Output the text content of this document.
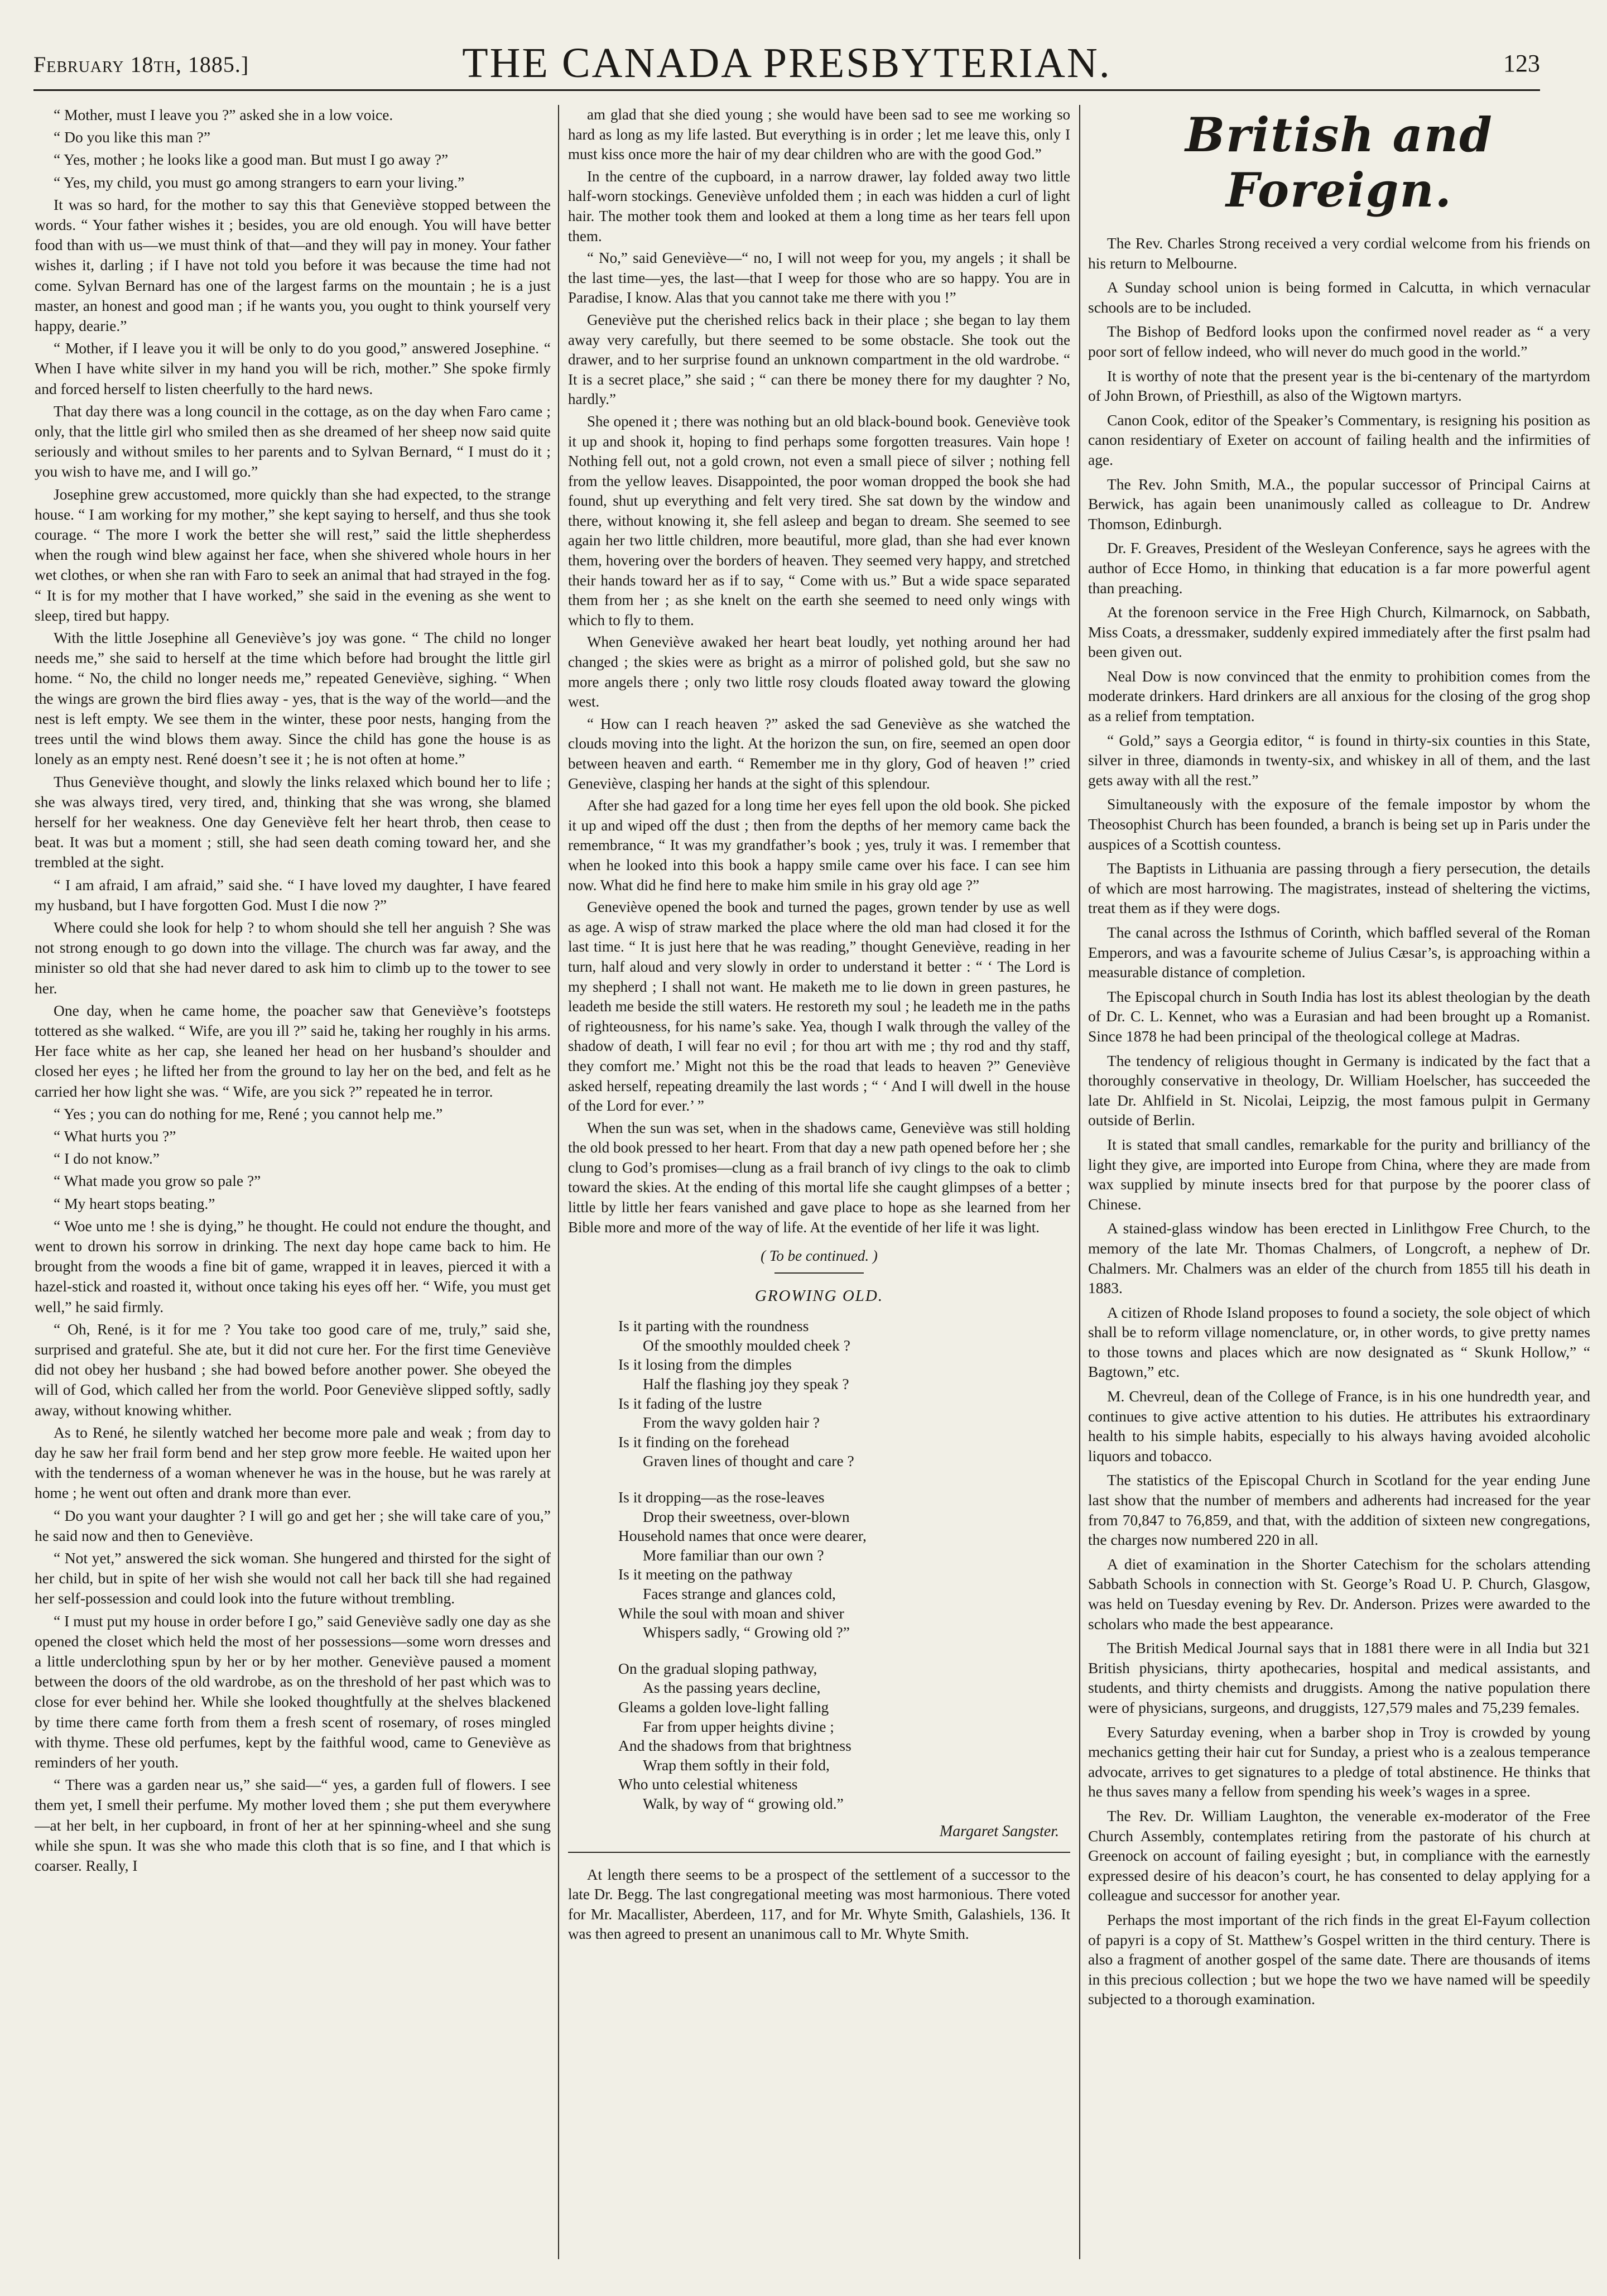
February 18th, 1885.]	THE CANADA PRESBYTERIAN.	123

“ Mother, must I leave you ?” asked she in a low voice.

“ Do you like this man ?”

“ Yes, mother ; he looks like a good man. But must I go away ?”

“ Yes, my child, you must go among strangers to earn your living.”

It was so hard, for the mother to say this that Geneviève stopped between the words. “ Your father wishes it ; besides, you are old enough. You will have better food than with us—we must think of that—and they will pay in money. Your father wishes it, darling ; if I have not told you before it was because the time had not come. Sylvan Bernard has one of the largest farms on the mountain ; he is a just master, an honest and good man ; if he wants you, you ought to think yourself very happy, dearie.”

“ Mother, if I leave you it will be only to do you good,” answered Josephine. “ When I have white silver in my hand you will be rich, mother.” She spoke firmly and forced herself to listen cheerfully to the hard news.

That day there was a long council in the cottage, as on the day when Faro came ; only, that the little girl who smiled then as she dreamed of her sheep now said quite seriously and without smiles to her parents and to Sylvan Bernard, “ I must do it ; you wish to have me, and I will go.”

Josephine grew accustomed, more quickly than she had expected, to the strange house. “ I am working for my mother,” she kept saying to herself, and thus she took courage. “ The more I work the better she will rest,” said the little shepherdess when the rough wind blew against her face, when she shivered whole hours in her wet clothes, or when she ran with Faro to seek an animal that had strayed in the fog. “ It is for my mother that I have worked,” she said in the evening as she went to sleep, tired but happy.

With the little Josephine all Geneviève’s joy was gone. “ The child no longer needs me,” she said to herself at the time which before had brought the little girl home. “ No, the child no longer needs me,” repeated Geneviève, sighing. “ When the wings are grown the bird flies away - yes, that is the way of the world—and the nest is left empty. We see them in the winter, these poor nests, hanging from the trees until the wind blows them away. Since the child has gone the house is as lonely as an empty nest. René doesn’t see it ; he is not often at home.”

Thus Geneviève thought, and slowly the links relaxed which bound her to life ; she was always tired, very tired, and, thinking that she was wrong, she blamed herself for her weakness. One day Geneviève felt her heart throb, then cease to beat. It was but a moment ; still, she had seen death coming toward her, and she trembled at the sight.

“ I am afraid, I am afraid,” said she. “ I have loved my daughter, I have feared my husband, but I have forgotten God. Must I die now ?”

Where could she look for help ? to whom should she tell her anguish ? She was not strong enough to go down into the village. The church was far away, and the minister so old that she had never dared to ask him to climb up to the tower to see her.

One day, when he came home, the poacher saw that Geneviève’s footsteps tottered as she walked. “ Wife, are you ill ?” said he, taking her roughly in his arms. Her face white as her cap, she leaned her head on her husband’s shoulder and closed her eyes ; he lifted her from the ground to lay her on the bed, and felt as he carried her how light she was. “ Wife, are you sick ?” repeated he in terror.

“ Yes ; you can do nothing for me, René ; you cannot help me.”

“ What hurts you ?”

“ I do not know.”

“ What made you grow so pale ?”

“ My heart stops beating.”

“ Woe unto me ! she is dying,” he thought. He could not endure the thought, and went to drown his sorrow in drinking. The next day hope came back to him. He brought from the woods a fine bit of game, wrapped it in leaves, pierced it with a hazel-stick and roasted it, without once taking his eyes off her. “ Wife, you must get well,” he said firmly.

“ Oh, René, is it for me ? You take too good care of me, truly,” said she, surprised and grateful. She ate, but it did not cure her. For the first time Geneviève did not obey her husband ; she had bowed before another power. She obeyed the will of God, which called her from the world. Poor Geneviève slipped softly, sadly away, without knowing whither.

As to René, he silently watched her become more pale and weak ; from day to day he saw her frail form bend and her step grow more feeble. He waited upon her with the tenderness of a woman whenever he was in the house, but he was rarely at home ; he went out often and drank more than ever.

“ Do you want your daughter ? I will go and get her ; she will take care of you,” he said now and then to Geneviève.

“ Not yet,” answered the sick woman. She hungered and thirsted for the sight of her child, but in spite of her wish she would not call her back till she had regained her self-possession and could look into the future without trembling.

“ I must put my house in order before I go,” said Geneviève sadly one day as she opened the closet which held the most of her possessions—some worn dresses and a little underclothing spun by her or by her mother. Geneviève paused a moment between the doors of the old wardrobe, as on the threshold of her past which was to close for ever behind her. While she looked thoughtfully at the shelves blackened by time there came forth from them a fresh scent of rosemary, of roses mingled with thyme. These old perfumes, kept by the faithful wood, came to Geneviève as reminders of her youth.

“ There was a garden near us,” she said—“ yes, a garden full of flowers. I see them yet, I smell their perfume. My mother loved them ; she put them everywhere—at her belt, in her cupboard, in front of her at her spinning-wheel and she sung while she spun. It was she who made this cloth that is so fine, and I that which is coarser. Really, I

am glad that she died young ; she would have been sad to see me working so hard as long as my life lasted. But everything is in order ; let me leave this, only I must kiss once more the hair of my dear children who are with the good God.”

In the centre of the cupboard, in a narrow drawer, lay folded away two little half-worn stockings. Geneviève unfolded them ; in each was hidden a curl of light hair. The mother took them and looked at them a long time as her tears fell upon them.

“ No,” said Geneviève—“ no, I will not weep for you, my angels ; it shall be the last time—yes, the last—that I weep for those who are so happy. You are in Paradise, I know. Alas that you cannot take me there with you !”

Geneviève put the cherished relics back in their place ; she began to lay them away very carefully, but there seemed to be some obstacle. She took out the drawer, and to her surprise found an unknown compartment in the old wardrobe. “ It is a secret place,” she said ; “ can there be money there for my daughter ? No, hardly.”

She opened it ; there was nothing but an old black-bound book. Geneviève took it up and shook it, hoping to find perhaps some forgotten treasures. Vain hope ! Nothing fell out, not a gold crown, not even a small piece of silver ; nothing fell from the yellow leaves. Disappointed, the poor woman dropped the book she had found, shut up everything and felt very tired. She sat down by the window and there, without knowing it, she fell asleep and began to dream. She seemed to see again her two little children, more beautiful, more glad, than she had ever known them, hovering over the borders of heaven. They seemed very happy, and stretched their hands toward her as if to say, “ Come with us.” But a wide space separated them from her ; as she knelt on the earth she seemed to need only wings with which to fly to them.

When Geneviève awaked her heart beat loudly, yet nothing around her had changed ; the skies were as bright as a mirror of polished gold, but she saw no more angels there ; only two little rosy clouds floated away toward the glowing west.

“ How can I reach heaven ?” asked the sad Geneviève as she watched the clouds moving into the light. At the horizon the sun, on fire, seemed an open door between heaven and earth. “ Remember me in thy glory, God of heaven !” cried Geneviève, clasping her hands at the sight of this splendour.

After she had gazed for a long time her eyes fell upon the old book. She picked it up and wiped off the dust ; then from the depths of her memory came back the remembrance, “ It was my grandfather’s book ; yes, truly it was. I remember that when he looked into this book a happy smile came over his face. I can see him now. What did he find here to make him smile in his gray old age ?”

Geneviève opened the book and turned the pages, grown tender by use as well as age. A wisp of straw marked the place where the old man had closed it for the last time. “ It is just here that he was reading,” thought Geneviève, reading in her turn, half aloud and very slowly in order to understand it better : “ ‘ The Lord is my shepherd ; I shall not want. He maketh me to lie down in green pastures, he leadeth me beside the still waters. He restoreth my soul ; he leadeth me in the paths of righteousness, for his name’s sake. Yea, though I walk through the valley of the shadow of death, I will fear no evil ; for thou art with me ; thy rod and thy staff, they comfort me.’ Might not this be the road that leads to heaven ?” Geneviève asked herself, repeating dreamily the last words ; “ ‘ And I will dwell in the house of the Lord for ever.’ ”

When the sun was set, when in the shadows came, Geneviève was still holding the old book pressed to her heart. From that day a new path opened before her ; she clung to God’s promises—clung as a frail branch of ivy clings to the oak to climb toward the skies. At the ending of this mortal life she caught glimpses of a better ; little by little her fears vanished and gave place to hope as she learned from her Bible more and more of the way of life. At the eventide of her life it was light.

( To be continued. )
GROWING OLD.
Is it parting with the roundness
Of the smoothly moulded cheek ?
Is it losing from the dimples
Half the flashing joy they speak ?
Is it fading of the lustre
From the wavy golden hair ?
Is it finding on the forehead
Graven lines of thought and care ?
Is it dropping—as the rose-leaves
Drop their sweetness, over-blown
Household names that once were dearer,
More familiar than our own ?
Is it meeting on the pathway
Faces strange and glances cold,
While the soul with moan and shiver
Whispers sadly, “ Growing old ?”
On the gradual sloping pathway,
As the passing years decline,
Gleams a golden love-light falling
Far from upper heights divine ;
And the shadows from that brightness
Wrap them softly in their fold,
Who unto celestial whiteness
Walk, by way of “ growing old.”
Margaret Sangster.

At length there seems to be a prospect of the settlement of a successor to the late Dr. Begg. The last congregational meeting was most harmonious. There voted for Mr. Macallister, Aberdeen, 117, and for Mr. Whyte Smith, Galashiels, 136. It was then agreed to present an unanimous call to Mr. Whyte Smith.

British and Foreign.

The Rev. Charles Strong received a very cordial welcome from his friends on his return to Melbourne.

A Sunday school union is being formed in Calcutta, in which vernacular schools are to be included.

The Bishop of Bedford looks upon the confirmed novel reader as “ a very poor sort of fellow indeed, who will never do much good in the world.”

It is worthy of note that the present year is the bi-centenary of the martyrdom of John Brown, of Priesthill, as also of the Wigtown martyrs.

Canon Cook, editor of the Speaker’s Commentary, is resigning his position as canon residentiary of Exeter on account of failing health and the infirmities of age.

The Rev. John Smith, M.A., the popular successor of Principal Cairns at Berwick, has again been unanimously called as colleague to Dr. Andrew Thomson, Edinburgh.

Dr. F. Greaves, President of the Wesleyan Conference, says he agrees with the author of Ecce Homo, in thinking that education is a far more powerful agent than preaching.

At the forenoon service in the Free High Church, Kilmarnock, on Sabbath, Miss Coats, a dressmaker, suddenly expired immediately after the first psalm had been given out.

Neal Dow is now convinced that the enmity to prohibition comes from the moderate drinkers. Hard drinkers are all anxious for the closing of the grog shop as a relief from temptation.

“ Gold,” says a Georgia editor, “ is found in thirty-six counties in this State, silver in three, diamonds in twenty-six, and whiskey in all of them, and the last gets away with all the rest.”

Simultaneously with the exposure of the female impostor by whom the Theosophist Church has been founded, a branch is being set up in Paris under the auspices of a Scottish countess.

The Baptists in Lithuania are passing through a fiery persecution, the details of which are most harrowing. The magistrates, instead of sheltering the victims, treat them as if they were dogs.

The canal across the Isthmus of Corinth, which baffled several of the Roman Emperors, and was a favourite scheme of Julius Cæsar’s, is approaching within a measurable distance of completion.

The Episcopal church in South India has lost its ablest theologian by the death of Dr. C. L. Kennet, who was a Eurasian and had been brought up a Romanist. Since 1878 he had been principal of the theological college at Madras.

The tendency of religious thought in Germany is indicated by the fact that a thoroughly conservative in theology, Dr. William Hoelscher, has succeeded the late Dr. Ahlfield in St. Nicolai, Leipzig, the most famous pulpit in Germany outside of Berlin.

It is stated that small candles, remarkable for the purity and brilliancy of the light they give, are imported into Europe from China, where they are made from wax supplied by minute insects bred for that purpose by the poorer class of Chinese.

A stained-glass window has been erected in Linlithgow Free Church, to the memory of the late Mr. Thomas Chalmers, of Longcroft, a nephew of Dr. Chalmers. Mr. Chalmers was an elder of the church from 1855 till his death in 1883.

A citizen of Rhode Island proposes to found a society, the sole object of which shall be to reform village nomenclature, or, in other words, to give pretty names to those towns and places which are now designated as “ Skunk Hollow,” “ Bagtown,” etc.

M. Chevreul, dean of the College of France, is in his one hundredth year, and continues to give active attention to his duties. He attributes his extraordinary health to his simple habits, especially to his always having avoided alcoholic liquors and tobacco.

The statistics of the Episcopal Church in Scotland for the year ending June last show that the number of members and adherents had increased for the year from 70,847 to 76,859, and that, with the addition of sixteen new congregations, the charges now numbered 220 in all.

A diet of examination in the Shorter Catechism for the scholars attending Sabbath Schools in connection with St. George’s Road U. P. Church, Glasgow, was held on Tuesday evening by Rev. Dr. Anderson. Prizes were awarded to the scholars who made the best appearance.

The British Medical Journal says that in 1881 there were in all India but 321 British physicians, thirty apothecaries, hospital and medical assistants, and students, and thirty chemists and druggists. Among the native population there were of physicians, surgeons, and druggists, 127,579 males and 75,239 females.

Every Saturday evening, when a barber shop in Troy is crowded by young mechanics getting their hair cut for Sunday, a priest who is a zealous temperance advocate, arrives to get signatures to a pledge of total abstinence. He thinks that he thus saves many a fellow from spending his week’s wages in a spree.

The Rev. Dr. William Laughton, the venerable ex-moderator of the Free Church Assembly, contemplates retiring from the pastorate of his church at Greenock on account of failing eyesight ; but, in compliance with the earnestly expressed desire of his deacon’s court, he has consented to delay applying for a colleague and successor for another year.

Perhaps the most important of the rich finds in the great El-Fayum collection of papyri is a copy of St. Matthew’s Gospel written in the third century. There is also a fragment of another gospel of the same date. There are thousands of items in this precious collection ; but we hope the two we have named will be speedily subjected to a thorough examination.
